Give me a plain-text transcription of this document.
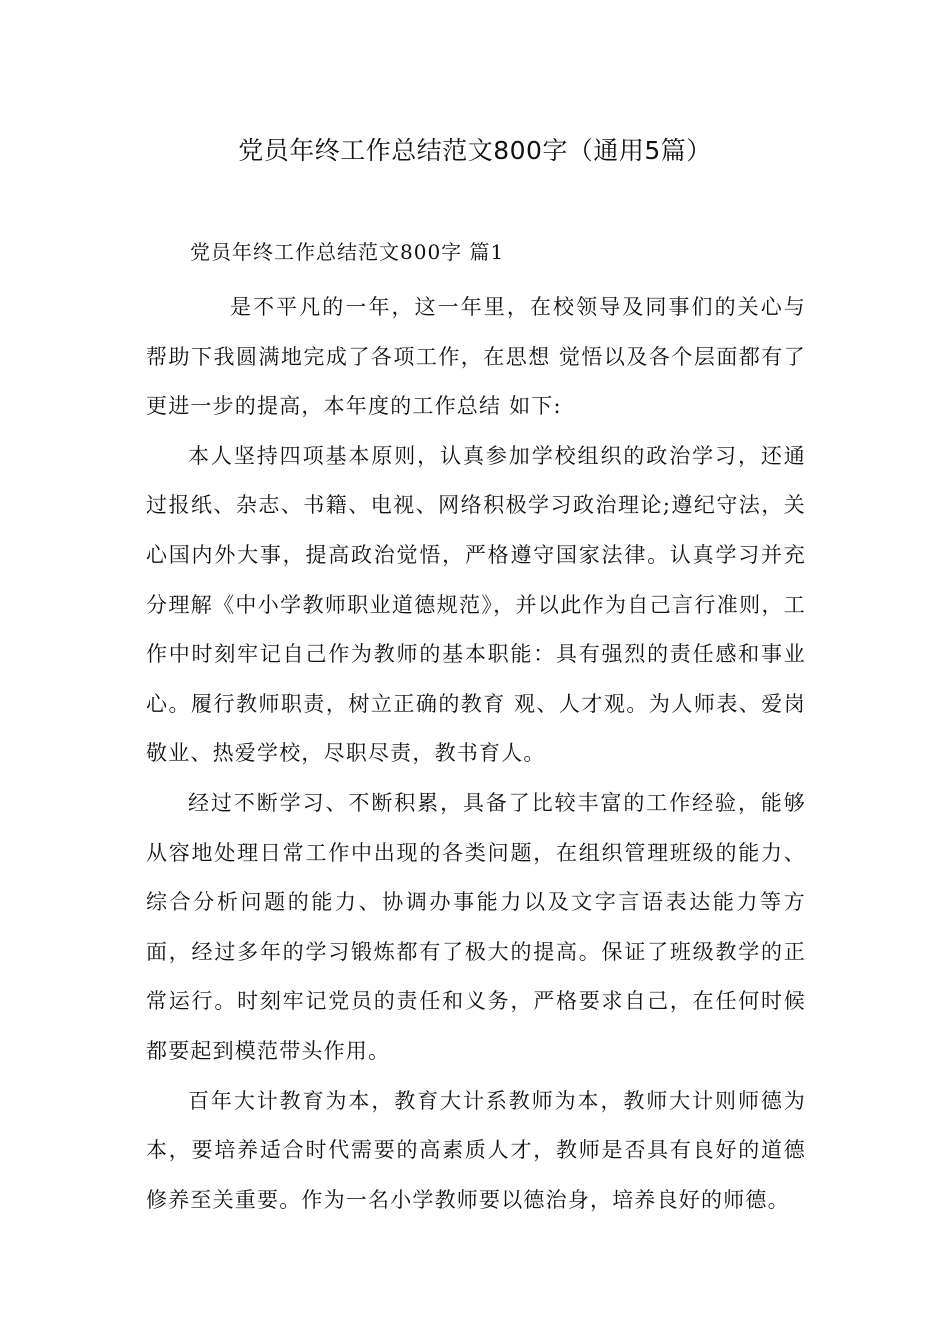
党员年终工作总结范文800字（通用5篇）
党员年终工作总结范文800字 篇1

是不平凡的一年，这一年里，在校领导及同事们的关心与帮助下我圆满地完成了各项工作，在思想 觉悟以及各个层面都有了更进一步的提高，本年度的工作总结 如下:

本人坚持四项基本原则，认真参加学校组织的政治学习，还通过报纸、杂志、书籍、电视、网络积极学习政治理论;遵纪守法，关心国内外大事，提高政治觉悟，严格遵守国家法律。认真学习并充分理解《中小学教师职业道德规范》，并以此作为自己言行准则，工作中时刻牢记自己作为教师的基本职能：具有强烈的责任感和事业心。履行教师职责，树立正确的教育 观、人才观。为人师表、爱岗敬业、热爱学校，尽职尽责，教书育人。

经过不断学习、不断积累，具备了比较丰富的工作经验，能够从容地处理日常工作中出现的各类问题，在组织管理班级的能力、综合分析问题的能力、协调办事能力以及文字言语表达能力等方面，经过多年的学习锻炼都有了极大的提高。保证了班级教学的正常运行。时刻牢记党员的责任和义务，严格要求自己，在任何时候都要起到模范带头作用。

百年大计教育为本，教育大计系教师为本，教师大计则师德为本，要培养适合时代需要的高素质人才，教师是否具有良好的道德修养至关重要。作为一名小学教师要以德治身，培养良好的师德。
